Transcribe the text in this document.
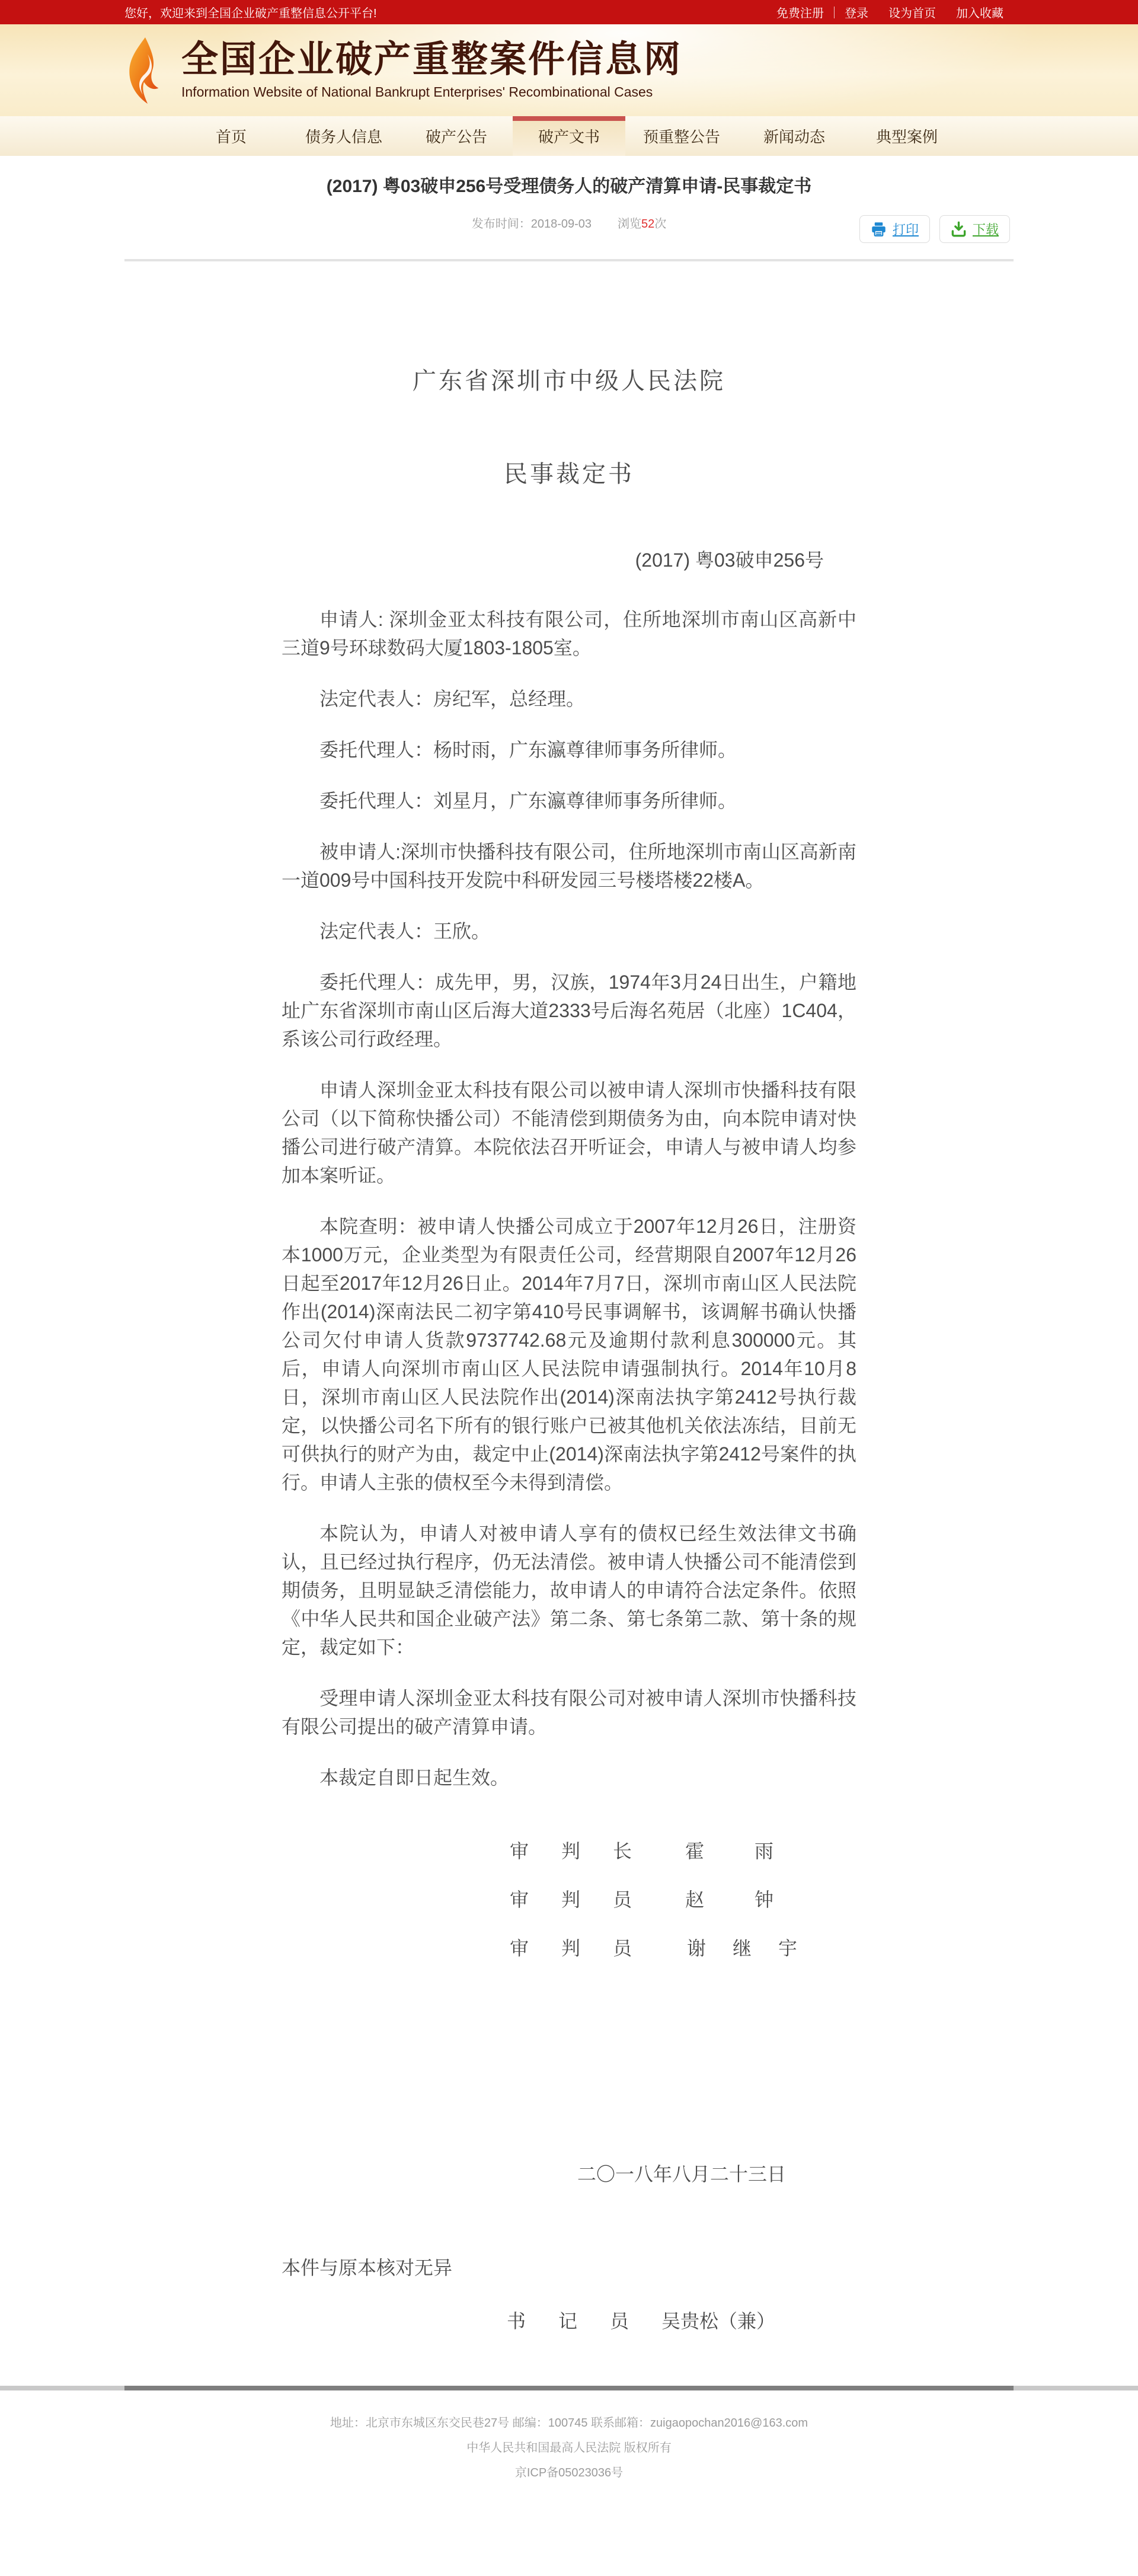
您好，欢迎来到全国企业破产重整信息公开平台!	免费注册	登录	设为首页	加入收藏
全国企业破产重整案件信息网
Information Website of National Bankrupt Enterprises' Recombinational Cases
首页	债务人信息	破产公告	破产文书	预重整公告	新闻动态	典型案例
(2017) 粤03破申256号受理债务人的破产清算申请-民事裁定书
发布时间：2018-09-03 浏览52次	打印	下载
广东省深圳市中级人民法院
民事裁定书
(2017) 粤03破申256号

申请人: 深圳金亚太科技有限公司，住所地深圳市南山区高新中三道9号环球数码大厦1803-1805室。

法定代表人：房纪军，总经理。

委托代理人：杨时雨，广东瀛尊律师事务所律师。

委托代理人：刘星月，广东瀛尊律师事务所律师。

被申请人:深圳市快播科技有限公司，住所地深圳市南山区高新南一道009号中国科技开发院中科研发园三号楼塔楼22楼A。

法定代表人：王欣。

委托代理人：成先甲，男，汉族，1974年3月24日出生，户籍地址广东省深圳市南山区后海大道2333号后海名苑居（北座）1C404，系该公司行政经理。

申请人深圳金亚太科技有限公司以被申请人深圳市快播科技有限公司（以下简称快播公司）不能清偿到期债务为由，向本院申请对快播公司进行破产清算。本院依法召开听证会，申请人与被申请人均参加本案听证。

本院查明：被申请人快播公司成立于2007年12月26日，注册资本1000万元，企业类型为有限责任公司，经营期限自2007年12月26日起至2017年12月26日止。2014年7月7日，深圳市南山区人民法院作出(2014)深南法民二初字第410号民事调解书，该调解书确认快播公司欠付申请人货款9737742.68元及逾期付款利息300000元。其后，申请人向深圳市南山区人民法院申请强制执行。2014年10月8日，深圳市南山区人民法院作出(2014)深南法执字第2412号执行裁定，以快播公司名下所有的银行账户已被其他机关依法冻结，目前无可供执行的财产为由，裁定中止(2014)深南法执字第2412号案件的执行。申请人主张的债权至今未得到清偿。

本院认为，申请人对被申请人享有的债权已经生效法律文书确认，且已经过执行程序，仍无法清偿。被申请人快播公司不能清偿到期债务，且明显缺乏清偿能力，故申请人的申请符合法定条件。依照《中华人民共和国企业破产法》第二条、第七条第二款、第十条的规定，裁定如下：

受理申请人深圳金亚太科技有限公司对被申请人深圳市快播科技有限公司提出的破产清算申请。

本裁定自即日起生效。

审判长 霍雨
审判员 赵钟
审判员 谢继宇
二〇一八年八月二十三日
本件与原本核对无异
书记员 吴贵松（兼）

地址：北京市东城区东交民巷27号 邮编：100745 联系邮箱：zuigaopochan2016@163.com

中华人民共和国最高人民法院 版权所有

京ICP备05023036号
